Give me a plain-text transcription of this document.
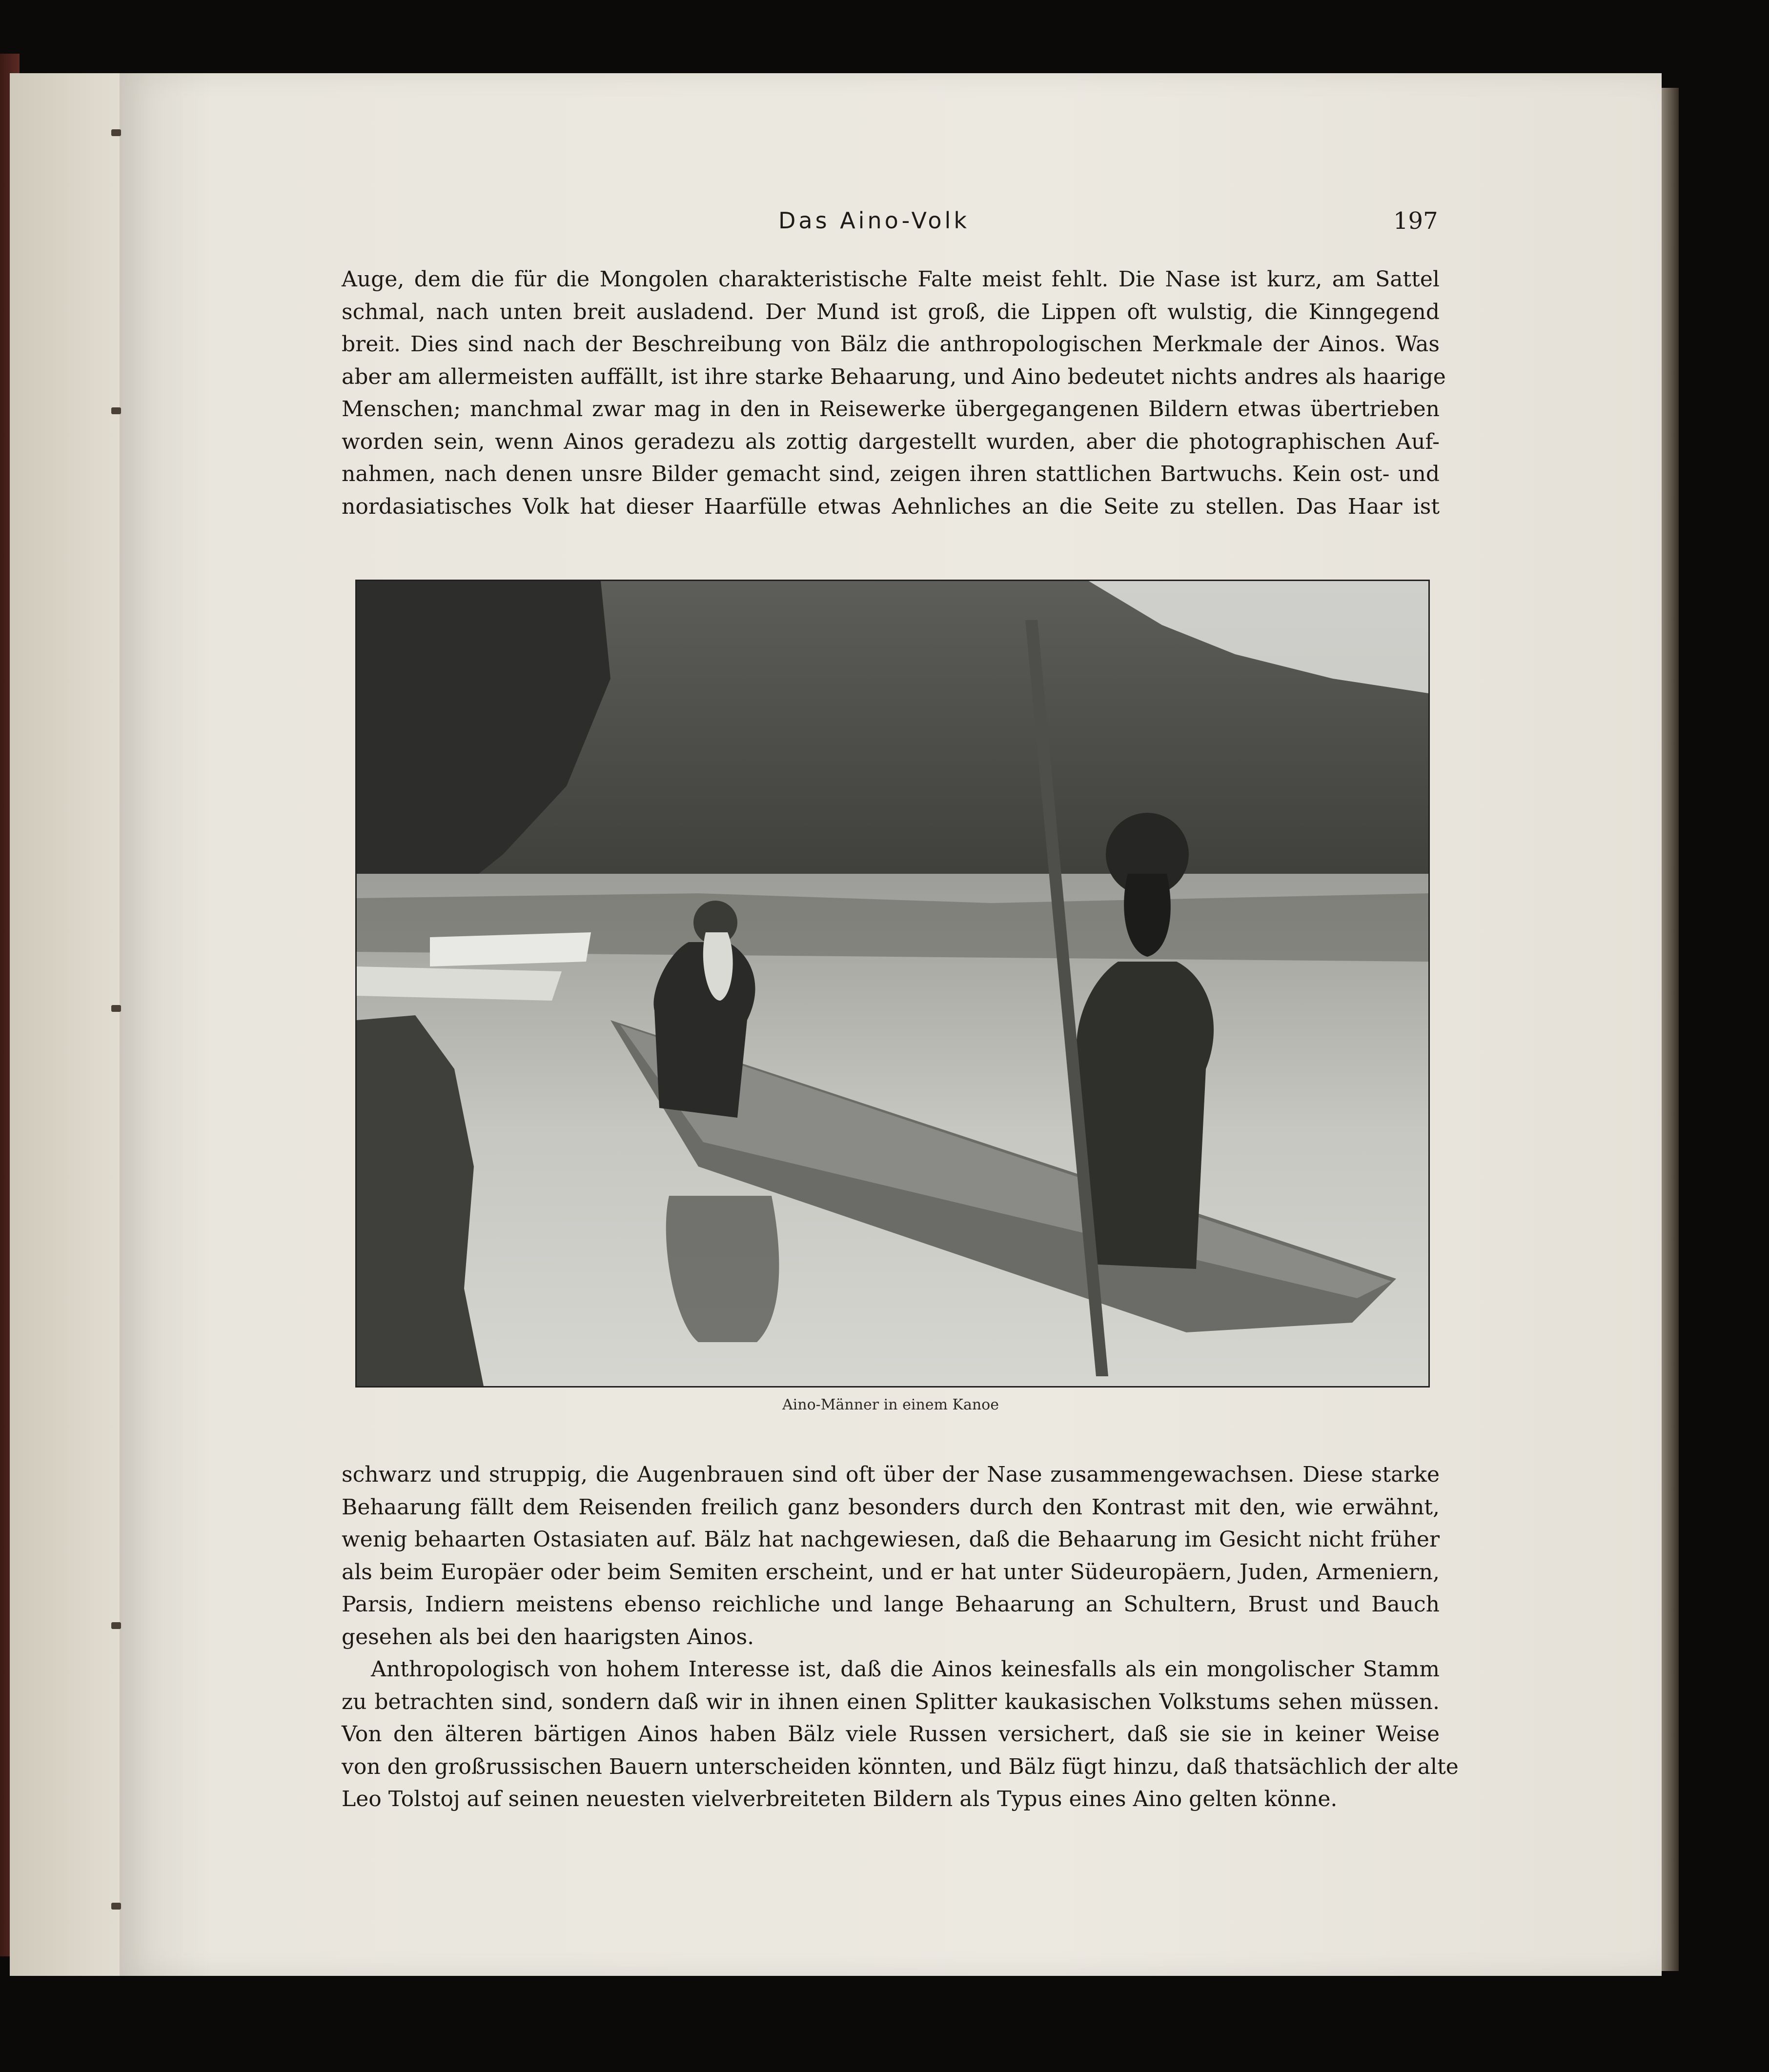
Das Aino-Volk	197
Auge, dem die für die Mongolen charakteristische Falte meist fehlt. Die Nase ist kurz, am Sattel
schmal, nach unten breit ausladend. Der Mund ist groß, die Lippen oft wulstig, die Kinngegend
breit. Dies sind nach der Beschreibung von Bälz die anthropologischen Merkmale der Ainos. Was
aber am allermeisten auffällt, ist ihre starke Behaarung, und Aino bedeutet nichts andres als haarige
Menschen; manchmal zwar mag in den in Reisewerke übergegangenen Bildern etwas übertrieben
worden sein, wenn Ainos geradezu als zottig dargestellt wurden, aber die photographischen Auf-
nahmen, nach denen unsre Bilder gemacht sind, zeigen ihren stattlichen Bartwuchs. Kein ost- und
nordasiatisches Volk hat dieser Haarfülle etwas Aehnliches an die Seite zu stellen. Das Haar ist
Aino-Männer in einem Kanoe
schwarz und struppig, die Augenbrauen sind oft über der Nase zusammengewachsen. Diese starke
Behaarung fällt dem Reisenden freilich ganz besonders durch den Kontrast mit den, wie erwähnt,
wenig behaarten Ostasiaten auf. Bälz hat nachgewiesen, daß die Behaarung im Gesicht nicht früher
als beim Europäer oder beim Semiten erscheint, und er hat unter Südeuropäern, Juden, Armeniern,
Parsis, Indiern meistens ebenso reichliche und lange Behaarung an Schultern, Brust und Bauch
gesehen als bei den haarigsten Ainos.
Anthropologisch von hohem Interesse ist, daß die Ainos keinesfalls als ein mongolischer Stamm
zu betrachten sind, sondern daß wir in ihnen einen Splitter kaukasischen Volkstums sehen müssen.
Von den älteren bärtigen Ainos haben Bälz viele Russen versichert, daß sie sie in keiner Weise
von den großrussischen Bauern unterscheiden könnten, und Bälz fügt hinzu, daß thatsächlich der alte
Leo Tolstoj auf seinen neuesten vielverbreiteten Bildern als Typus eines Aino gelten könne.
